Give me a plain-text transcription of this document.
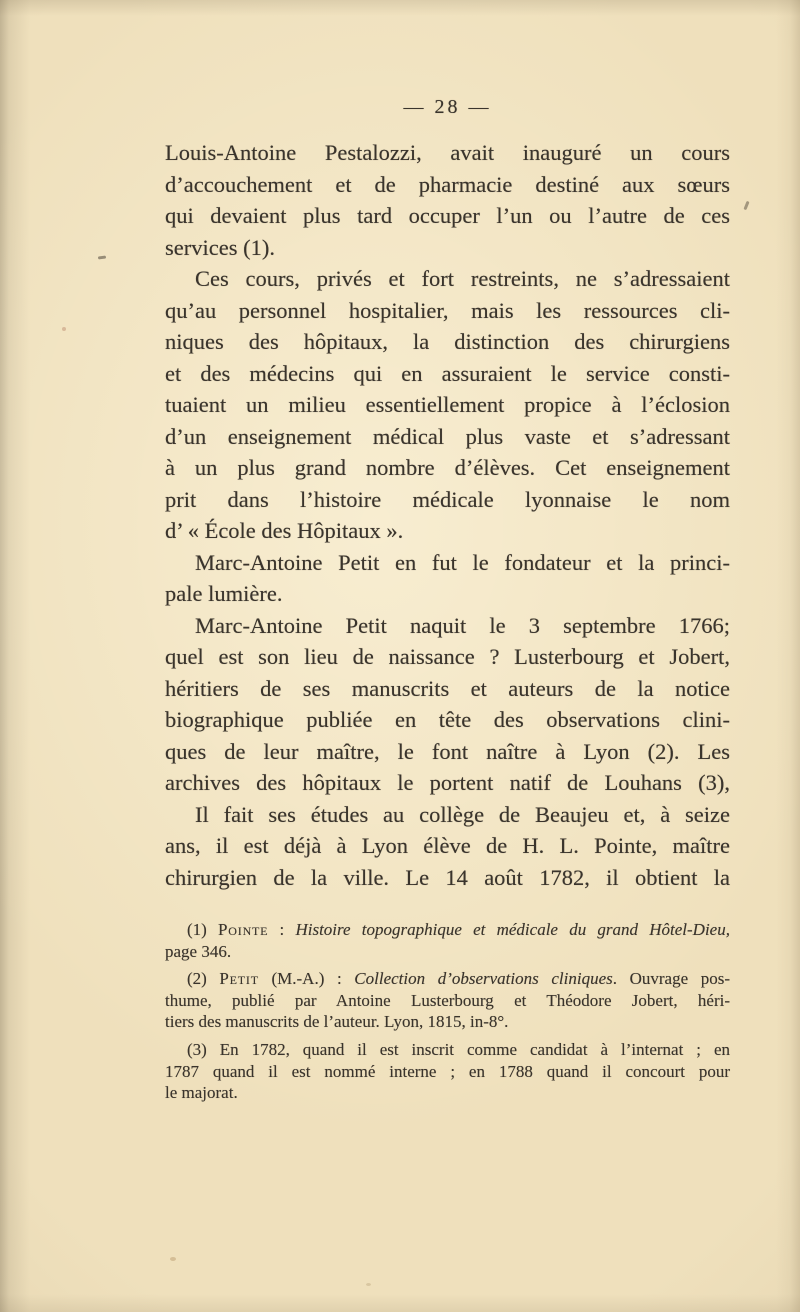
— 28 —
Louis-Antoine Pestalozzi, avait inauguré un cours
d’accouchement et de pharmacie destiné aux sœurs
qui devaient plus tard occuper l’un ou l’autre de ces
services (1).
Ces cours, privés et fort restreints, ne s’adressaient
qu’au personnel hospitalier, mais les ressources cli-
niques des hôpitaux, la distinction des chirurgiens
et des médecins qui en assuraient le service consti-
tuaient un milieu essentiellement propice à l’éclosion
d’un enseignement médical plus vaste et s’adressant
à un plus grand nombre d’élèves. Cet enseignement
prit dans l’histoire médicale lyonnaise le nom
d’ « École des Hôpitaux ».
Marc-Antoine Petit en fut le fondateur et la princi-
pale lumière.
Marc-Antoine Petit naquit le 3 septembre 1766;
quel est son lieu de naissance ? Lusterbourg et Jobert,
héritiers de ses manuscrits et auteurs de la notice
biographique publiée en tête des observations clini-
ques de leur maître, le font naître à Lyon (2). Les
archives des hôpitaux le portent natif de Louhans (3),
Il fait ses études au collège de Beaujeu et, à seize
ans, il est déjà à Lyon élève de H. L. Pointe, maître
chirurgien de la ville. Le 14 août 1782, il obtient la
(1) Pointe : Histoire topographique et médicale du grand Hôtel-Dieu,
page 346.
(2) Petit (M.-A.) : Collection d’observations cliniques. Ouvrage pos-
thume, publié par Antoine Lusterbourg et Théodore Jobert, héri-
tiers des manuscrits de l’auteur. Lyon, 1815, in-8°.
(3) En 1782, quand il est inscrit comme candidat à l’internat ; en
1787 quand il est nommé interne ; en 1788 quand il concourt pour
le majorat.
